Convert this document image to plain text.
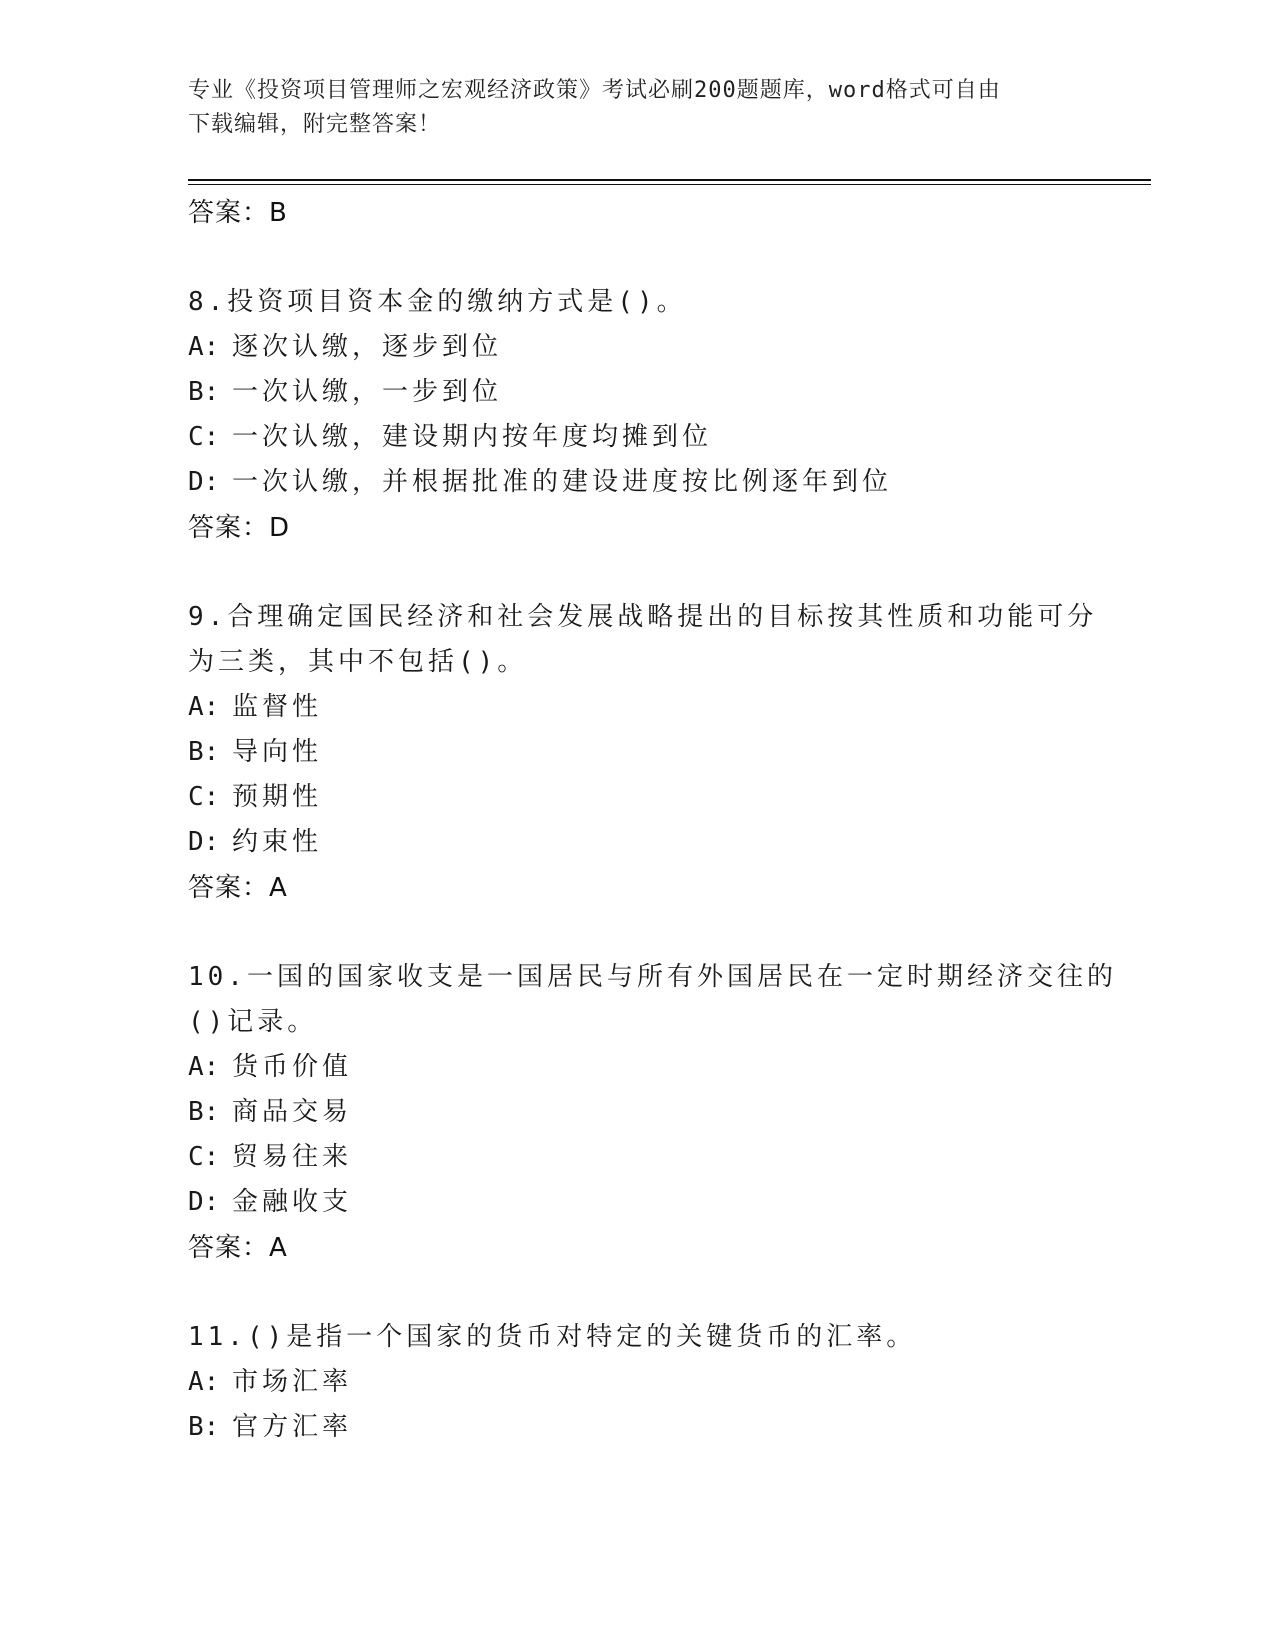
专业《投资项目管理师之宏观经济政策》考试必刷200题题库，word格式可自由
下载编辑，附完整答案！
答案：B
8.投资项目资本金的缴纳方式是()。
A: 逐次认缴，逐步到位
B: 一次认缴，一步到位
C: 一次认缴，建设期内按年度均摊到位
D: 一次认缴，并根据批准的建设进度按比例逐年到位
答案：D
9.合理确定国民经济和社会发展战略提出的目标按其性质和功能可分
为三类，其中不包括()。
A: 监督性
B: 导向性
C: 预期性
D: 约束性
答案：A
10.一国的国家收支是一国居民与所有外国居民在一定时期经济交往的
()记录。
A: 货币价值
B: 商品交易
C: 贸易往来
D: 金融收支
答案：A
11.()是指一个国家的货币对特定的关键货币的汇率。
A: 市场汇率
B: 官方汇率
